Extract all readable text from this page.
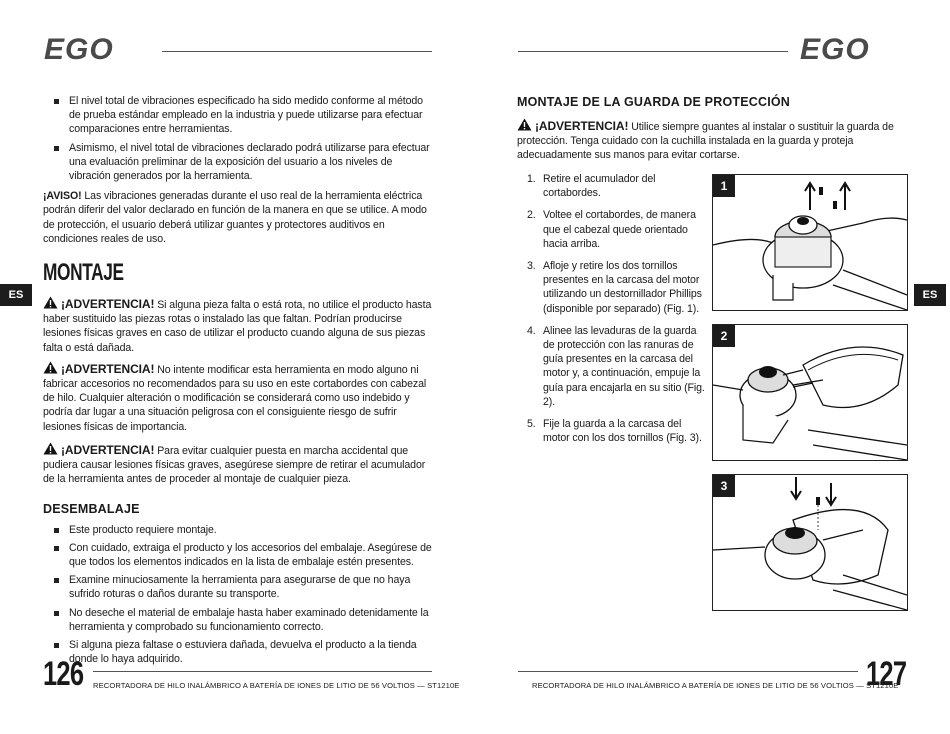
EGO
El nivel total de vibraciones especificado ha sido medido conforme al método de prueba estándar empleado en la industria y puede utilizarse para efectuar comparaciones entre herramientas.
Asimismo, el nivel total de vibraciones declarado podrá utilizarse para efectuar una evaluación preliminar de la exposición del usuario a los niveles de vibración generados por la herramienta.

¡AVISO! Las vibraciones generadas durante el uso real de la herramienta eléctrica podrán diferir del valor declarado en función de la manera en que se utilice. A modo de protección, el usuario deberá utilizar guantes y protectores auditivos en condiciones reales de uso.

MONTAJE

¡ADVERTENCIA! Si alguna pieza falta o está rota, no utilice el producto hasta haber sustituido las piezas rotas o instalado las que faltan. Podrían producirse lesiones físicas graves en caso de utilizar el producto cuando alguna de sus piezas falta o está dañada.

¡ADVERTENCIA! No intente modificar esta herramienta en modo alguno ni fabricar accesorios no recomendados para su uso en este cortabordes con cabezal de hilo. Cualquier alteración o modificación se considerará como uso indebido y podría dar lugar a una situación peligrosa con el consiguiente riesgo de sufrir lesiones físicas de importancia.

¡ADVERTENCIA! Para evitar cualquier puesta en marcha accidental que pudiera causar lesiones físicas graves, asegúrese siempre de retirar el acumulador de la herramienta antes de proceder al montaje de cualquier pieza.

DESEMBALAJE
Este producto requiere montaje.
Con cuidado, extraiga el producto y los accesorios del embalaje. Asegúrese de que todos los elementos indicados en la lista de embalaje estén presentes.
Examine minuciosamente la herramienta para asegurarse de que no haya sufrido roturas o daños durante su transporte.
No deseche el material de embalaje hasta haber examinado detenidamente la herramienta y comprobado su funcionamiento correcto.
Si alguna pieza faltase o estuviera dañada, devuelva el producto a la tienda donde lo haya adquirido.
ES
126 RECORTADORA DE HILO INALÁMBRICO A BATERÍA DE IONES DE LITIO DE 56 VOLTIOS — ST1210E
EGO
MONTAJE DE LA GUARDA DE PROTECCIÓN

¡ADVERTENCIA! Utilice siempre guantes al instalar o sustituir la guarda de protección. Tenga cuidado con la cuchilla instalada en la guarda y proteja adecuadamente sus manos para evitar cortarse.

1. Retire el acumulador del cortabordes.
2. Voltee el cortabordes, de manera que el cabezal quede orientado hacia arriba.
3. Afloje y retire los dos tornillos presentes en la carcasa del motor utilizando un destornillador Phillips (disponible por separado) (Fig. 1).
4. Alinee las levaduras de la guarda de protección con las ranuras de guía presentes en la carcasa del motor y, a continuación, empuje la guía para encajarla en su sitio (Fig. 2).
5. Fije la guarda a la carcasa del motor con los dos tornillos (Fig. 3).
1
2
3
ES
RECORTADORA DE HILO INALÁMBRICO A BATERÍA DE IONES DE LITIO DE 56 VOLTIOS — ST1210E
127
